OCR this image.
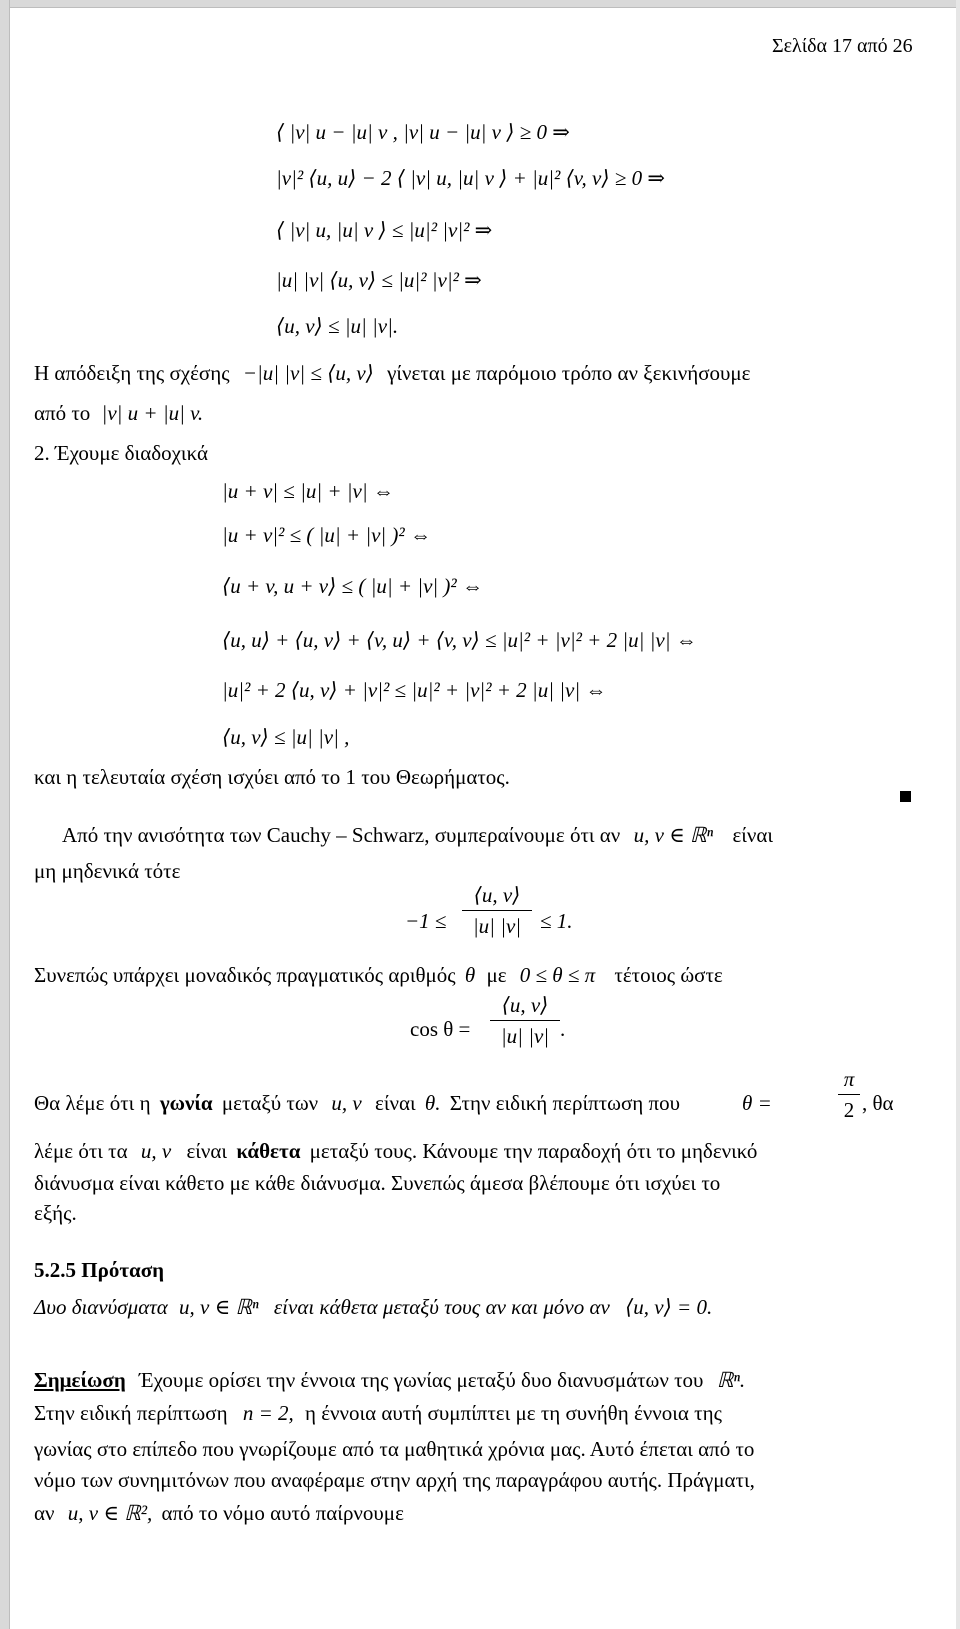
Σελίδα 17 από 26
⟨ |v| u − |u| v , |v| u − |u| v ⟩ ≥ 0 ⇒
|v|² ⟨u, u⟩ − 2 ⟨ |v| u, |u| v ⟩ + |u|² ⟨v, v⟩ ≥ 0 ⇒
⟨ |v| u, |u| v ⟩ ≤ |u|² |v|² ⇒
|u| |v| ⟨u, v⟩ ≤ |u|² |v|² ⇒
⟨u, v⟩ ≤ |u| |v|.
Η απόδειξη της σχέσης −|u| |v| ≤ ⟨u, v⟩ γίνεται με παρόμοιο τρόπο αν ξεκινήσουμε
από το |v| u + |u| v.
2. Έχουμε διαδοχικά
|u + v| ≤ |u| + |v| ⇔
|u + v|² ≤ ( |u| + |v| )² ⇔
⟨u + v, u + v⟩ ≤ ( |u| + |v| )² ⇔
⟨u, u⟩ + ⟨u, v⟩ + ⟨v, u⟩ + ⟨v, v⟩ ≤ |u|² + |v|² + 2 |u| |v| ⇔
|u|² + 2 ⟨u, v⟩ + |v|² ≤ |u|² + |v|² + 2 |u| |v| ⇔
⟨u, v⟩ ≤ |u| |v| ,
και η τελευταία σχέση ισχύει από το 1 του Θεωρήματος.
Από την ανισότητα των Cauchy – Schwarz, συμπεραίνουμε ότι αν u, v ∈ ℝⁿ είναι
μη μηδενικά τότε
−1 ≤
⟨u, v⟩
|u| |v| ≤ 1.
Συνεπώς υπάρχει μοναδικός πραγματικός αριθμός θ με 0 ≤ θ ≤ π τέτοιος ώστε
cos θ =
⟨u, v⟩
|u| |v| .
Θα λέμε ότι η γωνία μεταξύ των u, v είναι θ. Στην ειδική περίπτωση που	θ =
π
2 , θα
λέμε ότι τα u, v είναι κάθετα μεταξύ τους. Κάνουμε την παραδοχή ότι το μηδενικό
διάνυσμα είναι κάθετο με κάθε διάνυσμα. Συνεπώς άμεσα βλέπουμε ότι ισχύει το
εξής.
5.2.5 Πρόταση
Δυο διανύσματα u, v ∈ ℝⁿ είναι κάθετα μεταξύ τους αν και μόνο αν ⟨u, v⟩ = 0.
Σημείωση Έχουμε ορίσει την έννοια της γωνίας μεταξύ δυο διανυσμάτων του ℝⁿ.
Στην ειδική περίπτωση n = 2, η έννοια αυτή συμπίπτει με τη συνήθη έννοια της
γωνίας στο επίπεδο που γνωρίζουμε από τα μαθητικά χρόνια μας. Αυτό έπεται από το
νόμο των συνημιτόνων που αναφέραμε στην αρχή της παραγράφου αυτής. Πράγματι,
αν u, v ∈ ℝ², από το νόμο αυτό παίρνουμε
